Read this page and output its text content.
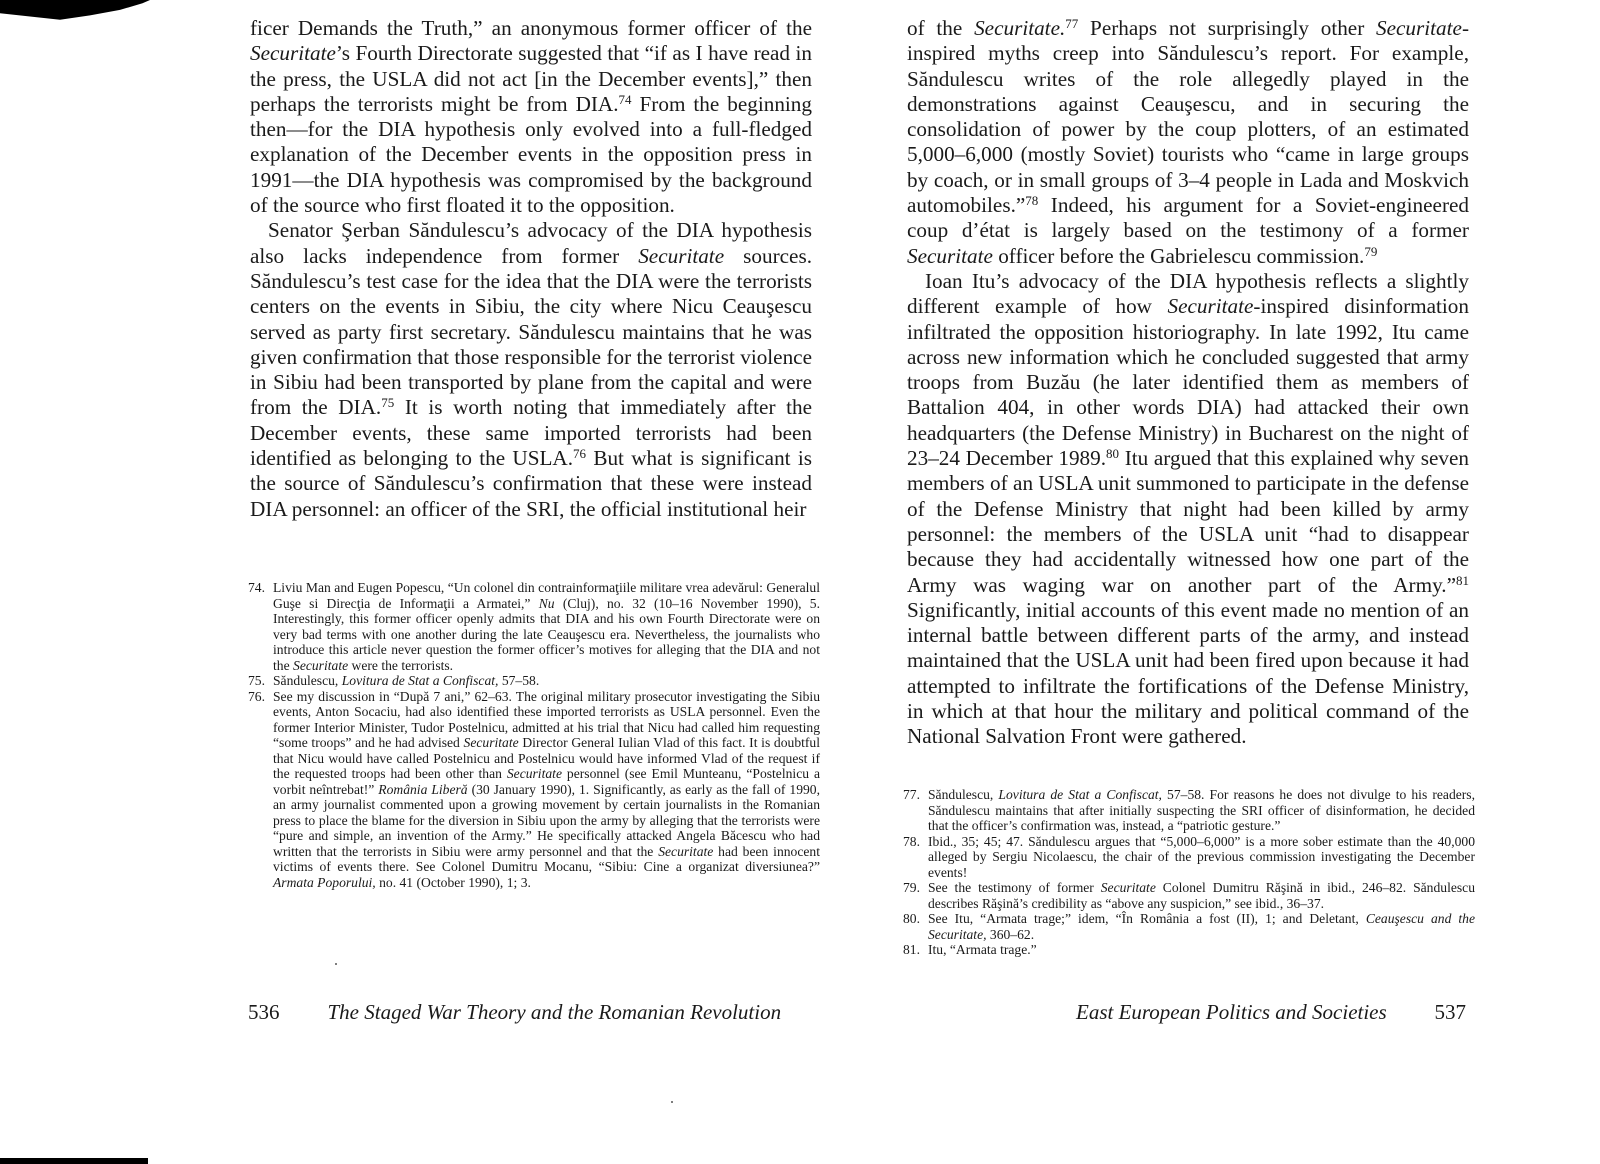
ficer Demands the Truth,” an anonymous former officer of the Securitate’s Fourth Directorate suggested that “if as I have read in the press, the USLA did not act [in the December events],” then perhaps the terrorists might be from DIA.$^{74}$ From the beginning then—for the DIA hypothesis only evolved into a full-fledged explanation of the December events in the opposition press in 1991—the DIA hypothesis was compromised by the background of the source who first floated it to the opposition.

Senator Şerban Săndulescu’s advocacy of the DIA hypothesis also lacks independence from former Securitate sources. Săndulescu’s test case for the idea that the DIA were the terrorists centers on the events in Sibiu, the city where Nicu Ceauşescu served as party first secretary. Săndulescu maintains that he was given confirmation that those responsible for the terrorist violence in Sibiu had been transported by plane from the capital and were from the DIA.$^{75}$ It is worth noting that immediately after the December events, these same imported terrorists had been identified as belonging to the USLA.$^{76}$ But what is significant is the source of Săndulescu’s confirmation that these were instead DIA personnel: an officer of the SRI, the official institutional heir

74. Liviu Man and Eugen Popescu, “Un colonel din contrainformaţiile militare vrea adevărul: Generalul Guşe si Direcţia de Informaţii a Armatei,” Nu (Cluj), no. 32 (10–16 November 1990), 5. Interestingly, this former officer openly admits that DIA and his own Fourth Directorate were on very bad terms with one another during the late Ceauşescu era. Nevertheless, the journalists who introduce this article never question the former officer’s motives for alleging that the DIA and not the Securitate were the terrorists.
75. Săndulescu, Lovitura de Stat a Confiscat, 57–58.
76. See my discussion in “După 7 ani,” 62–63. The original military prosecutor investigating the Sibiu events, Anton Socaciu, had also identified these imported terrorists as USLA personnel. Even the former Interior Minister, Tudor Postelnicu, admitted at his trial that Nicu had called him requesting “some troops” and he had advised Securitate Director General Iulian Vlad of this fact. It is doubtful that Nicu would have called Postelnicu and Postelnicu would have informed Vlad of the request if the requested troops had been other than Securitate personnel (see Emil Munteanu, “Postelnicu a vorbit neîntrebat!” România Liberă (30 January 1990), 1. Significantly, as early as the fall of 1990, an army journalist commented upon a growing movement by certain journalists in the Romanian press to place the blame for the diversion in Sibiu upon the army by alleging that the terrorists were “pure and simple, an invention of the Army.” He specifically attacked Angela Băcescu who had written that the terrorists in Sibiu were army personnel and that the Securitate had been innocent victims of events there. See Colonel Dumitru Mocanu, “Sibiu: Cine a organizat diversiunea?” Armata Poporului, no. 41 (October 1990), 1; 3.
536 The Staged War Theory and the Romanian Revolution

of the Securitate.$^{77}$ Perhaps not surprisingly other Securitate-inspired myths creep into Săndulescu’s report. For example, Săndulescu writes of the role allegedly played in the demonstrations against Ceauşescu, and in securing the consolidation of power by the coup plotters, of an estimated 5,000–6,000 (mostly Soviet) tourists who “came in large groups by coach, or in small groups of 3–4 people in Lada and Moskvich automobiles.”$^{78}$ Indeed, his argument for a Soviet-engineered coup d’état is largely based on the testimony of a former Securitate officer before the Gabrielescu commission.$^{79}$

Ioan Itu’s advocacy of the DIA hypothesis reflects a slightly different example of how Securitate-inspired disinformation infiltrated the opposition historiography. In late 1992, Itu came across new information which he concluded suggested that army troops from Buzău (he later identified them as members of Battalion 404, in other words DIA) had attacked their own headquarters (the Defense Ministry) in Bucharest on the night of 23–24 December 1989.80 Itu argued that this explained why seven members of an USLA unit summoned to participate in the defense of the Defense Ministry that night had been killed by army personnel: the members of the USLA unit “had to disappear because they had accidentally witnessed how one part of the Army was waging war on another part of the Army.”$^{81}$ Significantly, initial accounts of this event made no mention of an internal battle between different parts of the army, and instead maintained that the USLA unit had been fired upon because it had attempted to infiltrate the fortifications of the Defense Ministry, in which at that hour the military and political command of the National Salvation Front were gathered.

77. Săndulescu, Lovitura de Stat a Confiscat, 57–58. For reasons he does not divulge to his readers, Săndulescu maintains that after initially suspecting the SRI officer of disinformation, he decided that the officer’s confirmation was, instead, a “patriotic gesture.”
78. Ibid., 35; 45; 47. Săndulescu argues that “5,000–6,000” is a more sober estimate than the 40,000 alleged by Sergiu Nicolaescu, the chair of the previous commission investigating the December events!
79. See the testimony of former Securitate Colonel Dumitru Răşină in ibid., 246–82. Săndulescu describes Răşină’s credibility as “above any suspicion,” see ibid., 36–37.
80. See Itu, “Armata trage;” idem, “În România a fost (II), 1; and Deletant, Ceauşescu and the Securitate, 360–62.
81. Itu, “Armata trage.”
East European Politics and Societies 537
